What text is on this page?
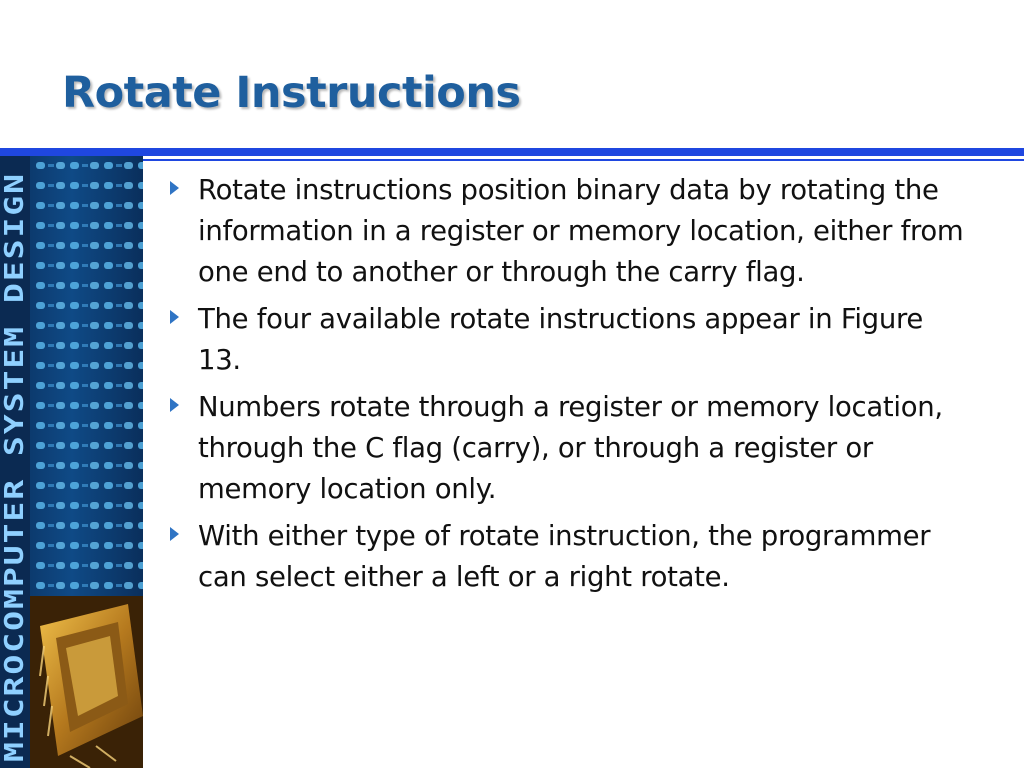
Rotate Instructions
MICROCOMPUTER SYSTEM DESIGN
Rotate instructions position binary data by rotating the information in a register or memory location, either from one end to another or through the carry flag.
The four available rotate instructions appear in Figure 13.
Numbers rotate through a register or memory location, through the C flag (carry), or through a register or memory location only.
With either type of rotate instruction, the programmer can select either a left or a right rotate.
